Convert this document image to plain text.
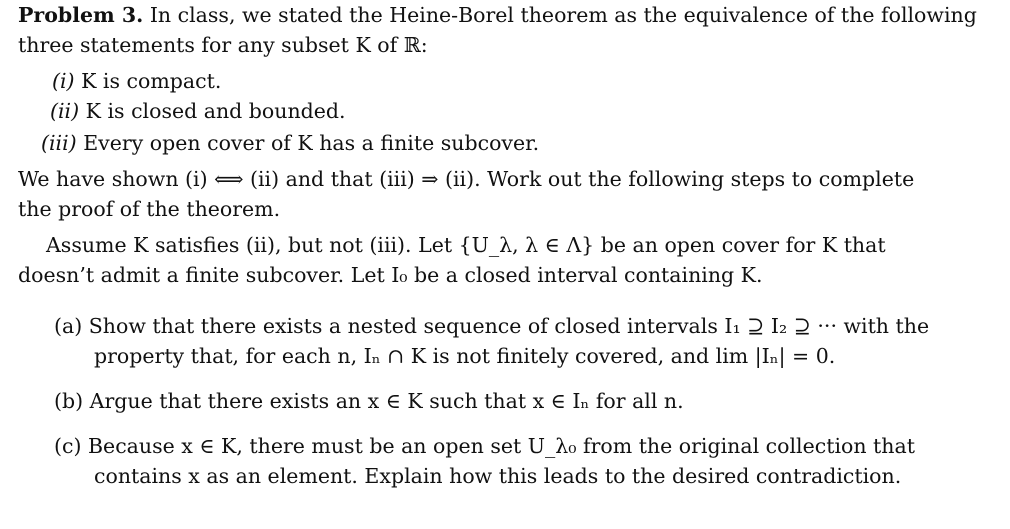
Problem 3. In class, we stated the Heine-Borel theorem as the equivalence of the following
three statements for any subset K of ℝ:
(i) K is compact.
(ii) K is closed and bounded.
(iii) Every open cover of K has a finite subcover.
We have shown (i) ⟺ (ii) and that (iii) ⇒ (ii). Work out the following steps to complete
the proof of the theorem.
Assume K satisfies (ii), but not (iii). Let {U_λ, λ ∈ Λ} be an open cover for K that
doesn’t admit a finite subcover. Let I₀ be a closed interval containing K.
(a) Show that there exists a nested sequence of closed intervals I₁ ⊇ I₂ ⊇ ··· with the
property that, for each n, Iₙ ∩ K is not finitely covered, and lim |Iₙ| = 0.
(b) Argue that there exists an x ∈ K such that x ∈ Iₙ for all n.
(c) Because x ∈ K, there must be an open set U_λ₀ from the original collection that
contains x as an element. Explain how this leads to the desired contradiction.
